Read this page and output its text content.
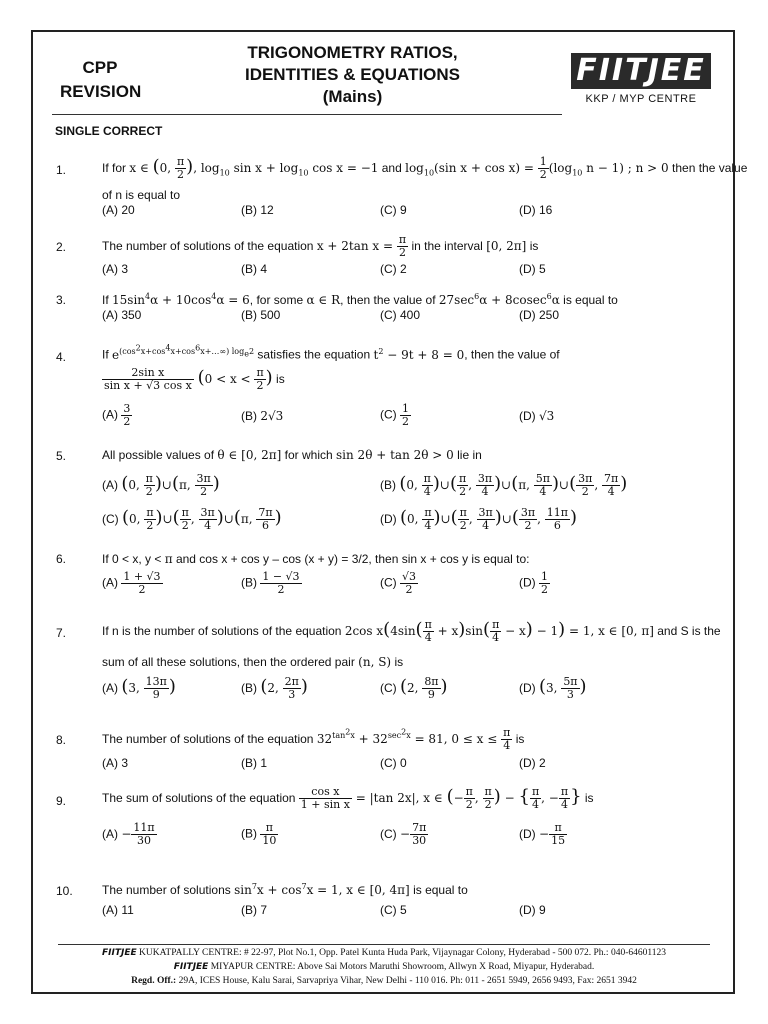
CPP
REVISION
TRIGONOMETRY RATIOS,
IDENTITIES & EQUATIONS
(Mains)
FIITJEE
KKP / MYP CENTRE
SINGLE CORRECT
1.	If for x ∈ (0, $\frac{\pi}{2}$ ), $\log_{10} \sin x + \log_{10} \cos x = -1$ and $\log_{10}(\sin$ $x + \cos x) = \frac{1}{2} (\log_{10}$ n − 1) ; n > 0 then the value
of n is equal to
(A) 20	(B) 12	(C) 9	(D) 16
2.	The number of solutions of the equation x + 2tan $x = \frac{\pi}{2}$ in the interval [0, 2π] is
(A) 3	(B) 4	(C) 2	(D) 5
3.	If $15\sin^4\alpha + 10\cos^4\alpha = 6$, for some α ∈ R, then the value of $27\sec^6\alpha + 8cosec^6\alpha$ is equal to
(A) 350	(B) 500	(C) 400	(D) 250
4.	If $e^{(cos^2x+cos^4x+cos^6x+\dots\infty) log_e2}$ satisfies the equation $t^2 - 9t + 8 = 0$, then the value of
$\frac{\text{2sin x}}{\text{sin x + √3 cos x}} (0 < x < \frac{\pi}{2}$ ) is
$(A) \frac{3}{2}$	(B) 2√3	$(C) \frac{1}{2}$	(D) √3
5.	All possible values of θ ∈ [0, 2π] for which sin 2θ + tan 2θ > 0 lie in
(A) (0, $\frac{\pi}{2}$ )∪(π, $\frac{3\pi}{2}$ )	(B) (0, $\frac{\pi}{4}$ )∪( $\frac{\pi}{2}$ , $\frac{3\pi}{4}$ )∪(π, $\frac{5\pi}{4}$ )∪( $\frac{3\pi}{2}$ , $\frac{7\pi}{4}$ )
(C) (0, $\frac{\pi}{2}$ )∪( $\frac{\pi}{2}$ , $\frac{3\pi}{4}$ )∪(π, $\frac{7\pi}{6}$ )	(D) (0, $\frac{\pi}{4}$ )∪( $\frac{\pi}{2}$ , $\frac{3\pi}{4}$ )∪( $\frac{3\pi}{2}$ , $\frac{11\pi}{6}$ )
6.	If 0 < x, y < π and cos x + cos y – cos (x + y) = 3/2, then sin x + cos y is equal to:
$(A) \frac{1 + √3}{2}$	$(B) \frac{1 - √3}{2}$	$(C) \frac{√3}{2}$	$(D) \frac{1}{2}$
7.	If n is the number of solutions of the equation 2cos $x(4\sin( \frac{\pi}{4} + x)\sin( \frac{\pi}{4} - x) - 1) = 1$, x ∈ [0, π] and S is the
sum of all these solutions, then the ordered pair (n, S) is
(A) (3, $\frac{13\pi}{9}$ )	(B) (2, $\frac{2\pi}{3}$ )	(C) (2, $\frac{8\pi}{9}$ )	(D) (3, $\frac{5\pi}{3}$ )
8.	The number of solutions of the equation $32^{tan^2x} + 32^{sec^2x} = 81$, $0 \le x \le \frac{\pi}{4}$ is
(A) 3	(B) 1	(C) 0	(D) 2
9.	The sum of solutions of the equation $\frac{\text{cos x}}{\text{1 + sin x}} = |\tan$ 2x|, x ∈ (− $\frac{\pi}{2}$ , $\frac{\pi}{2}$ ) − { $\frac{\pi}{4}$ , − $\frac{\pi}{4}$ } is
$(A) - \frac{11\pi}{30}$	$(B) \frac{\pi}{10}$	$(C) - \frac{7\pi}{30}$	$(D) - \frac{\pi}{15}$
10. The number of solutions $\sin^7x + \cos^7x = 1$, x ∈ [0, 4π] is equal to
(A) 11	(B) 7	(C) 5	(D) 9
FIITJEE KUKATPALLY CENTRE: # 22-97, Plot No.1, Opp. Patel Kunta Huda Park, Vijaynagar Colony, Hyderabad - 500 072. Ph.: 040-64601123
FIITJEE MIYAPUR CENTRE: Above Sai Motors Maruthi Showroom, Allwyn X Road, Miyapur, Hyderabad.
Regd. Off.: 29A, ICES House, Kalu Sarai, Sarvapriya Vihar, New Delhi - 110 016. Ph: 011 - 2651 5949, 2656 9493, Fax: 2651 3942
